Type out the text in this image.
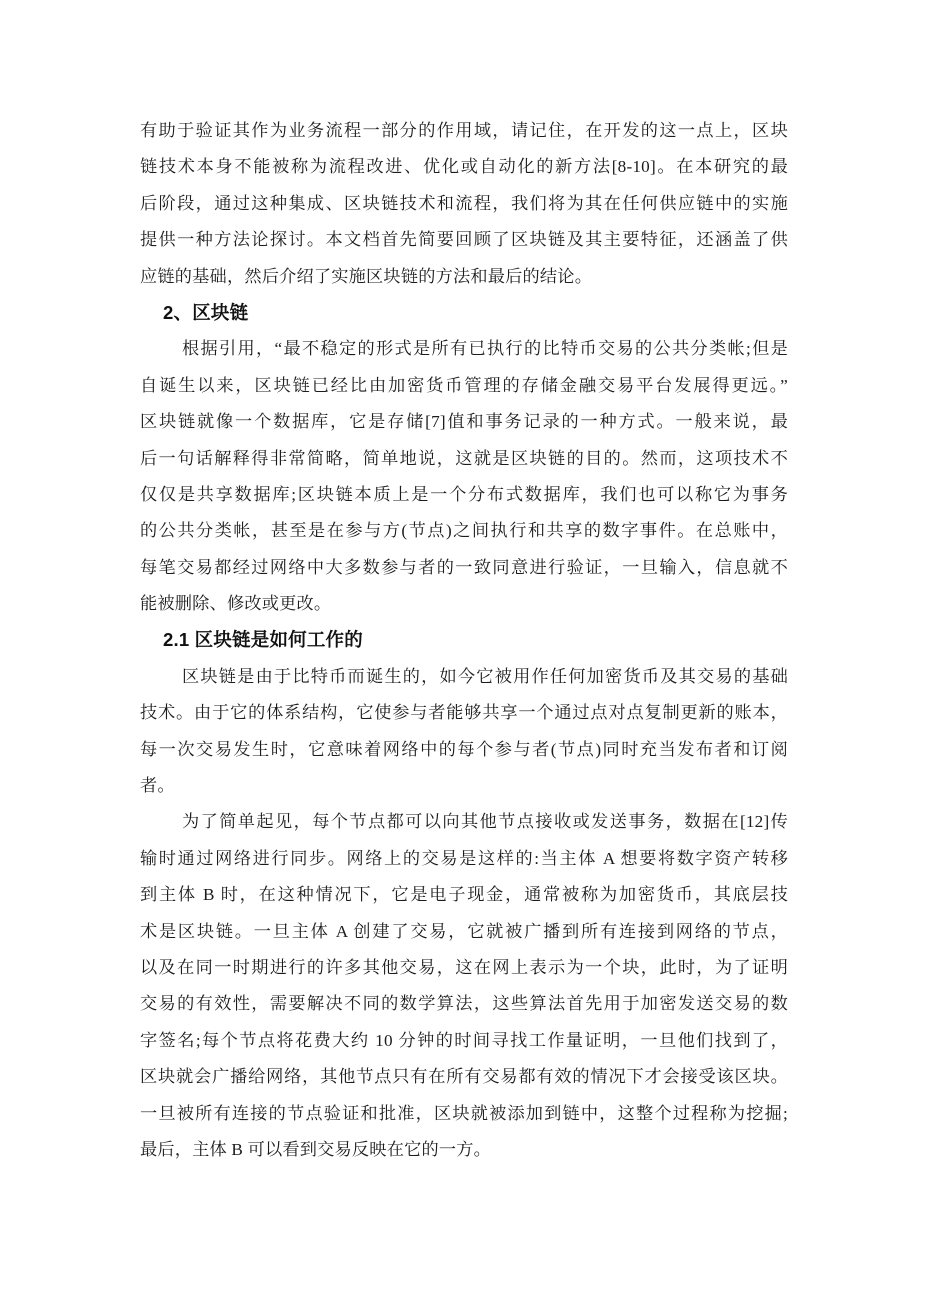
有助于验证其作为业务流程一部分的作用域，请记住，在开发的这一点上，区块
链技术本身不能被称为流程改进、优化或自动化的新方法[8-10]。在本研究的最
后阶段，通过这种集成、区块链技术和流程，我们将为其在任何供应链中的实施
提供一种方法论探讨。本文档首先简要回顾了区块链及其主要特征，还涵盖了供
应链的基础，然后介绍了实施区块链的方法和最后的结论。
2、区块链
根据引用，“最不稳定的形式是所有已执行的比特币交易的公共分类帐;但是
自诞生以来，区块链已经比由加密货币管理的存储金融交易平台发展得更远。”
区块链就像一个数据库，它是存储[7]值和事务记录的一种方式。一般来说，最
后一句话解释得非常简略，简单地说，这就是区块链的目的。然而，这项技术不
仅仅是共享数据库;区块链本质上是一个分布式数据库，我们也可以称它为事务
的公共分类帐，甚至是在参与方(节点)之间执行和共享的数字事件。在总账中，
每笔交易都经过网络中大多数参与者的一致同意进行验证，一旦输入，信息就不
能被删除、修改或更改。
2.1 区块链是如何工作的
区块链是由于比特币而诞生的，如今它被用作任何加密货币及其交易的基础
技术。由于它的体系结构，它使参与者能够共享一个通过点对点复制更新的账本，
每一次交易发生时，它意味着网络中的每个参与者(节点)同时充当发布者和订阅
者。
为了简单起见，每个节点都可以向其他节点接收或发送事务，数据在[12]传
输时通过网络进行同步。网络上的交易是这样的:当主体 A 想要将数字资产转移
到主体 B 时，在这种情况下，它是电子现金，通常被称为加密货币，其底层技
术是区块链。一旦主体 A 创建了交易，它就被广播到所有连接到网络的节点，
以及在同一时期进行的许多其他交易，这在网上表示为一个块，此时，为了证明
交易的有效性，需要解决不同的数学算法，这些算法首先用于加密发送交易的数
字签名;每个节点将花费大约 10 分钟的时间寻找工作量证明，一旦他们找到了，
区块就会广播给网络，其他节点只有在所有交易都有效的情况下才会接受该区块。
一旦被所有连接的节点验证和批准，区块就被添加到链中，这整个过程称为挖掘;
最后，主体 B 可以看到交易反映在它的一方。
